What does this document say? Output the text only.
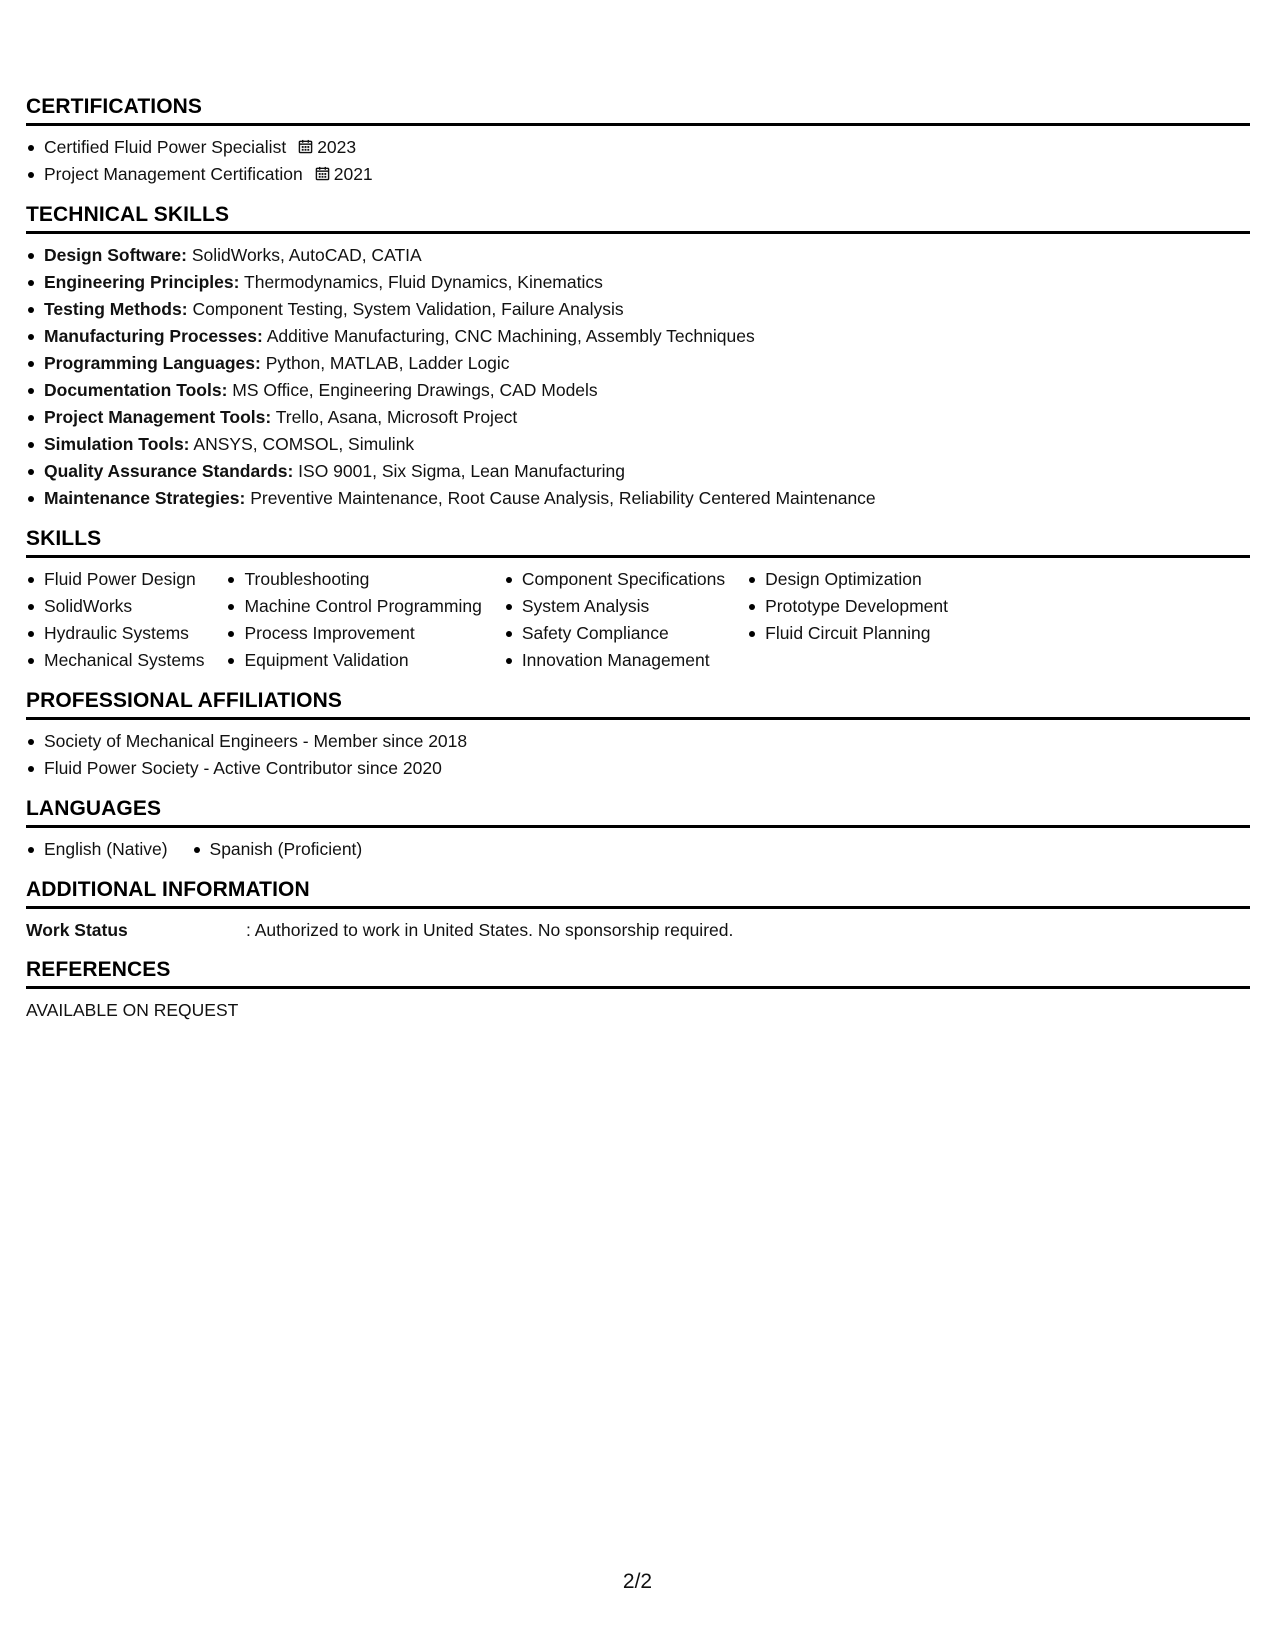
CERTIFICATIONS
Certified Fluid Power Specialist 2023
Project Management Certification 2021
TECHNICAL SKILLS
Design Software: SolidWorks, AutoCAD, CATIA
Engineering Principles: Thermodynamics, Fluid Dynamics, Kinematics
Testing Methods: Component Testing, System Validation, Failure Analysis
Manufacturing Processes: Additive Manufacturing, CNC Machining, Assembly Techniques
Programming Languages: Python, MATLAB, Ladder Logic
Documentation Tools: MS Office, Engineering Drawings, CAD Models
Project Management Tools: Trello, Asana, Microsoft Project
Simulation Tools: ANSYS, COMSOL, Simulink
Quality Assurance Standards: ISO 9001, Six Sigma, Lean Manufacturing
Maintenance Strategies: Preventive Maintenance, Root Cause Analysis, Reliability Centered Maintenance
SKILLS
Fluid Power Design
SolidWorks
Hydraulic Systems
Mechanical Systems
Troubleshooting
Machine Control Programming
Process Improvement
Equipment Validation
Component Specifications
System Analysis
Safety Compliance
Innovation Management
Design Optimization
Prototype Development
Fluid Circuit Planning
PROFESSIONAL AFFILIATIONS
Society of Mechanical Engineers - Member since 2018
Fluid Power Society - Active Contributor since 2020
LANGUAGES
English (Native)	Spanish (Proficient)
ADDITIONAL INFORMATION
Work Status	: Authorized to work in United States. No sponsorship required.
REFERENCES
AVAILABLE ON REQUEST
2/2
